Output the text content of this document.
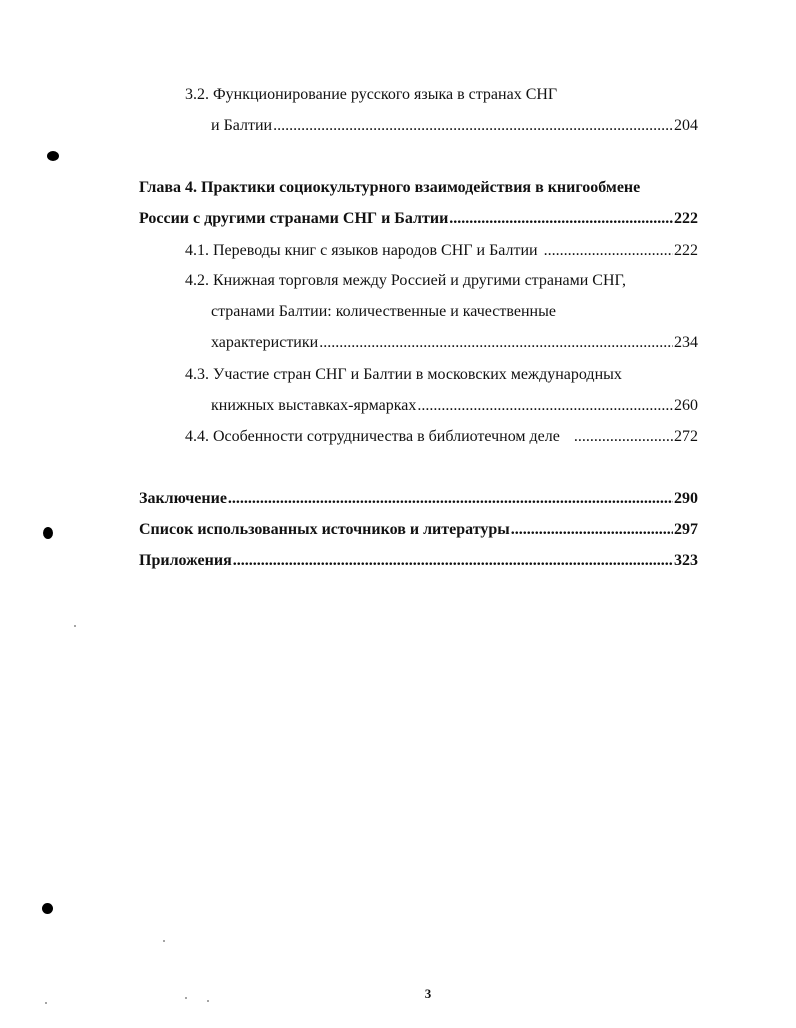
3.2. Функционирование русского языка в странах СНГ
и Балтии .....	204
Глава 4. Практики социокультурного взаимодействия в книгообмене
России с другими странами СНГ и Балтии .....	222
4.1. Переводы книг с языков народов СНГ и Балтии .....	222
4.2. Книжная торговля между Россией и другими странами СНГ,
странами Балтии: количественные и качественные
характеристики .....	234
4.3. Участие стран СНГ и Балтии в московских международных
книжных выставках-ярмарках .....	260
4.4. Особенности сотрудничества в библиотечном деле .....	272
Заключение .....	290
Список использованных источников и литературы .....	297
Приложения .....	323
3
